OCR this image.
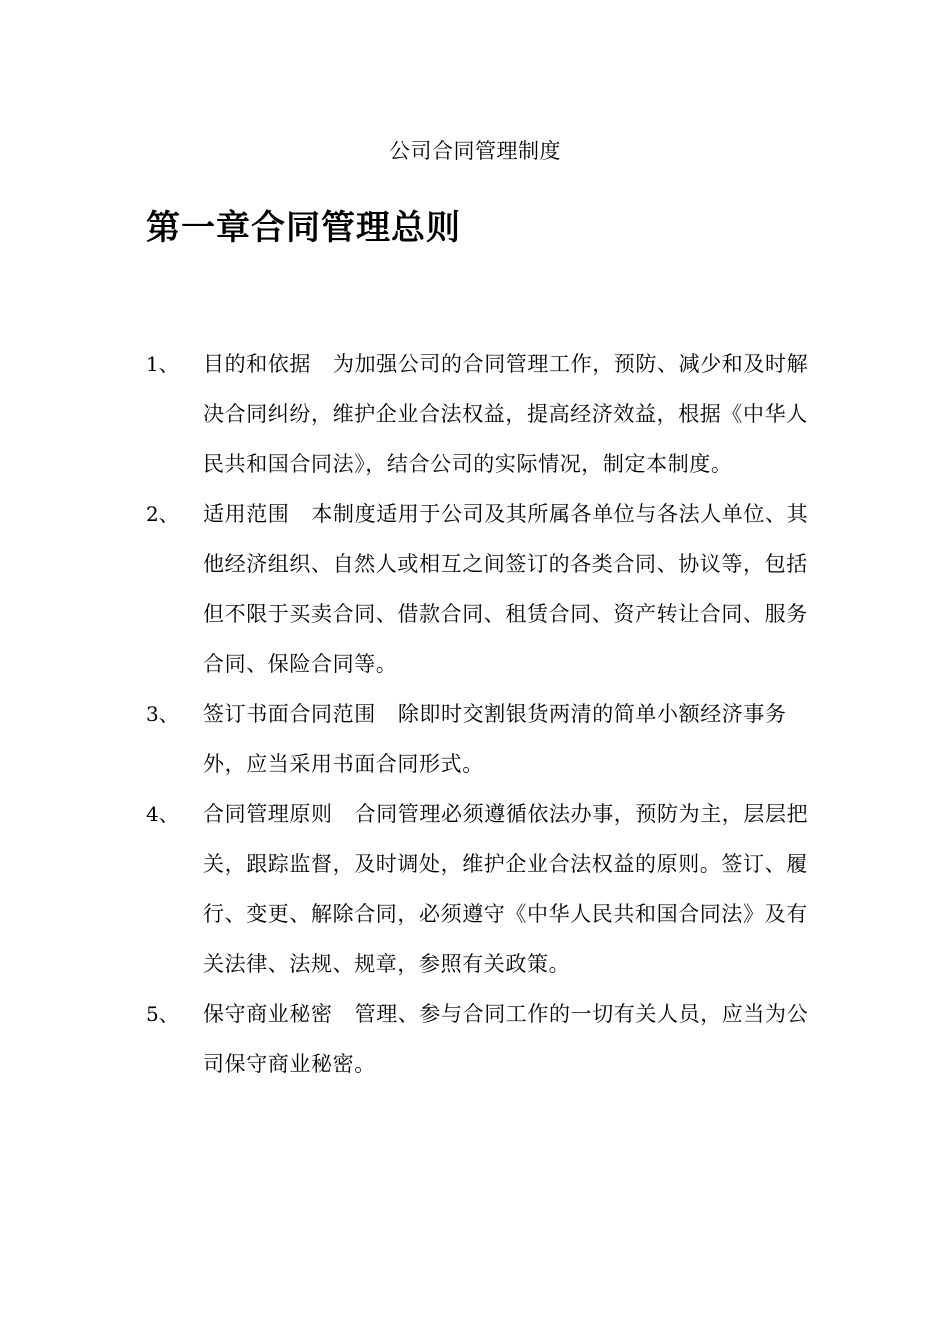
公司合同管理制度
第一章合同管理总则
1、 目的和依据 为加强公司的合同管理工作，预防、减少和及时解决合同纠纷，维护企业合法权益，提高经济效益，根据《中华人民共和国合同法》，结合公司的实际情况，制定本制度。
2、 适用范围 本制度适用于公司及其所属各单位与各法人单位、其他经济组织、自然人或相互之间签订的各类合同、协议等，包括但不限于买卖合同、借款合同、租赁合同、资产转让合同、服务合同、保险合同等。
3、 签订书面合同范围 除即时交割银货两清的简单小额经济事务外，应当采用书面合同形式。
4、 合同管理原则 合同管理必须遵循依法办事，预防为主，层层把关，跟踪监督，及时调处，维护企业合法权益的原则。签订、履行、变更、解除合同，必须遵守《中华人民共和国合同法》及有关法律、法规、规章，参照有关政策。
5、 保守商业秘密 管理、参与合同工作的一切有关人员，应当为公司保守商业秘密。
